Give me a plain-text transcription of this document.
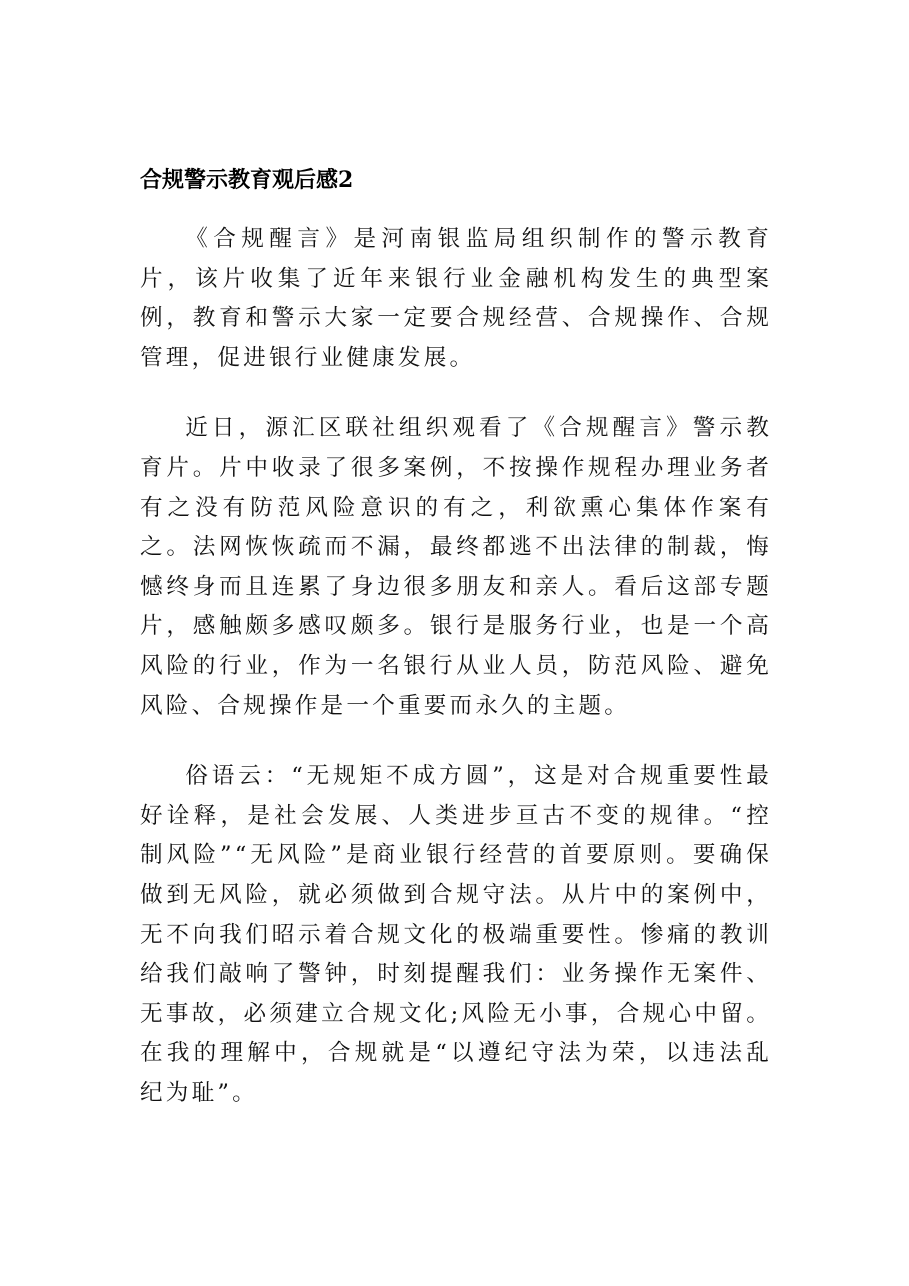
合规警示教育观后感2

《合规醒言》是河南银监局组织制作的警示教育片，该片收集了近年来银行业金融机构发生的典型案例，教育和警示大家一定要合规经营、合规操作、合规管理，促进银行业健康发展。

近日，源汇区联社组织观看了《合规醒言》警示教育片。片中收录了很多案例，不按操作规程办理业务者有之没有防范风险意识的有之，利欲熏心集体作案有之。法网恢恢疏而不漏，最终都逃不出法律的制裁，悔憾终身而且连累了身边很多朋友和亲人。看后这部专题片，感触颇多感叹颇多。银行是服务行业，也是一个高风险的行业，作为一名银行从业人员，防范风险、避免风险、合规操作是一个重要而永久的主题。

俗语云：“无规矩不成方圆”，这是对合规重要性最好诠释，是社会发展、人类进步亘古不变的规律。“控制风险”“无风险”是商业银行经营的首要原则。要确保做到无风险，就必须做到合规守法。从片中的案例中，无不向我们昭示着合规文化的极端重要性。惨痛的教训给我们敲响了警钟，时刻提醒我们：业务操作无案件、无事故，必须建立合规文化;风险无小事，合规心中留。在我的理解中，合规就是“以遵纪守法为荣，以违法乱纪为耻”。
